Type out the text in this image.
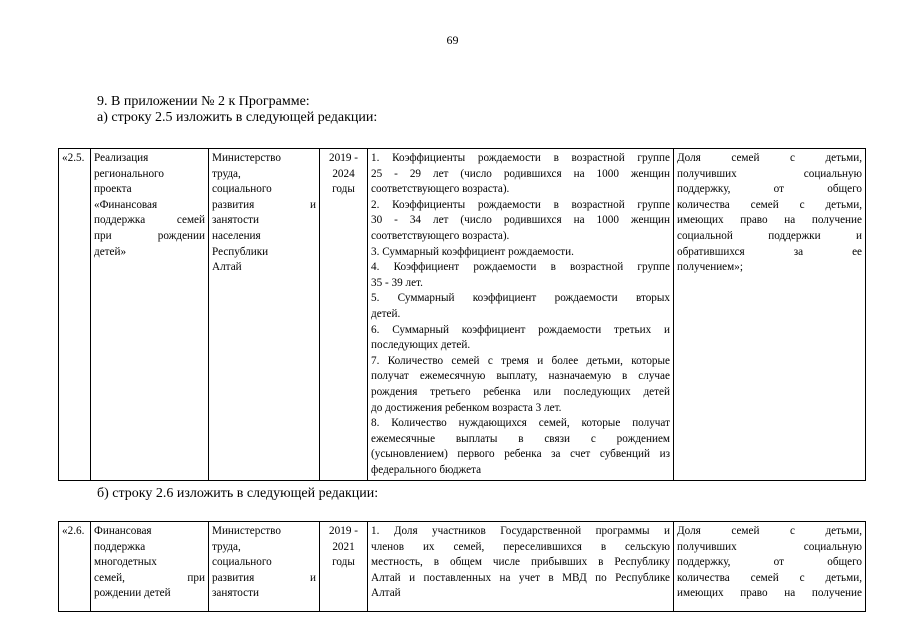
69
9. В приложении № 2 к Программе:
а) строку 2.5 изложить в следующей редакции:
«2.5.	Реализация
регионального
проекта
«Финансовая
поддержка семей
при рождении
детей»

Министерство
труда,
социального
развития и
занятости
населения
Республики
Алтай

2019 -
2024
годы

1. Коэффициенты рождаемости в возрастной группе
25 - 29 лет (число родившихся на 1000 женщин
соответствующего возраста).
2. Коэффициенты рождаемости в возрастной группе
30 - 34 лет (число родившихся на 1000 женщин
соответствующего возраста).
3. Суммарный коэффициент рождаемости.
4. Коэффициент рождаемости в возрастной группе
35 - 39 лет.
5. Суммарный коэффициент рождаемости вторых
детей.
6. Суммарный коэффициент рождаемости третьих и
последующих детей.
7. Количество семей с тремя и более детьми, которые
получат ежемесячную выплату, назначаемую в случае
рождения третьего ребенка или последующих детей
до достижения ребенком возраста 3 лет.
8. Количество нуждающихся семей, которые получат
ежемесячные выплаты в связи с рождением
(усыновлением) первого ребенка за счет субвенций из
федерального бюджета

Доля семей с детьми,
получивших социальную
поддержку, от общего
количества семей с детьми,
имеющих право на получение
социальной поддержки и
обратившихся за ее
получением»;
б) строку 2.6 изложить в следующей редакции:
«2.6.	Финансовая
поддержка
многодетных
семей, при
рождении детей

Министерство
труда,
социального
развития и
занятости

2019 -
2021
годы

1. Доля участников Государственной программы и
членов их семей, переселившихся в сельскую
местность, в общем числе прибывших в Республику
Алтай и поставленных на учет в МВД по Республике
Алтай

Доля семей с детьми,
получивших социальную
поддержку, от общего
количества семей с детьми,
имеющих право на получение
